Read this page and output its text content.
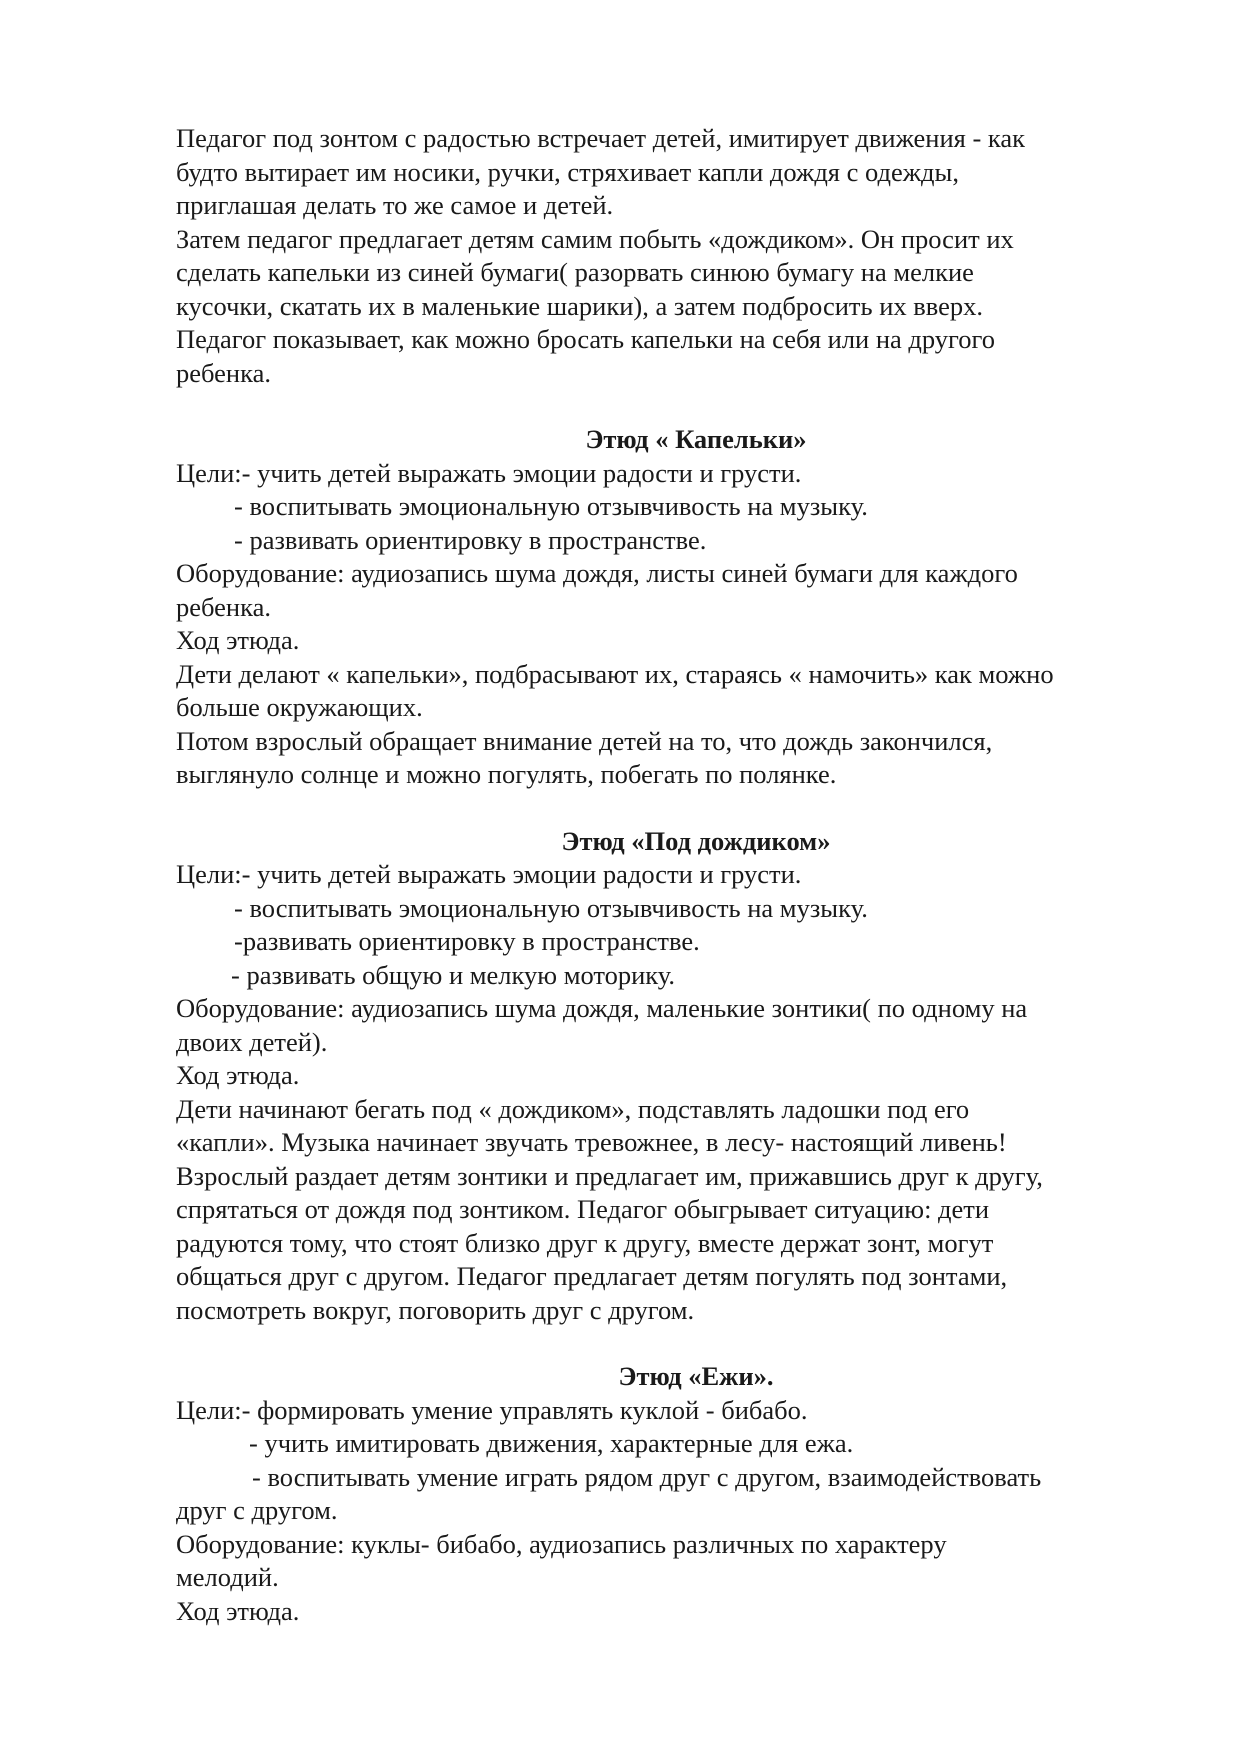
Педагог под зонтом с радостью встречает детей, имитирует движения - как
будто вытирает им носики, ручки, стряхивает капли дождя с одежды,
приглашая делать то же самое и детей.
Затем педагог предлагает детям самим побыть «дождиком». Он просит их
сделать капельки из синей бумаги( разорвать синюю бумагу на мелкие
кусочки, скатать их в маленькие шарики), а затем подбросить их вверх.
Педагог показывает, как можно бросать капельки на себя или на другого
ребенка.
Этюд « Капельки»
Цели:- учить детей выражать эмоции радости и грусти.
- воспитывать эмоциональную отзывчивость на музыку.
- развивать ориентировку в пространстве.
Оборудование: аудиозапись шума дождя, листы синей бумаги для каждого
ребенка.
Ход этюда.
Дети делают « капельки», подбрасывают их, стараясь « намочить» как можно
больше окружающих.
Потом взрослый обращает внимание детей на то, что дождь закончился,
выглянуло солнце и можно погулять, побегать по полянке.
Этюд «Под дождиком»
Цели:- учить детей выражать эмоции радости и грусти.
- воспитывать эмоциональную отзывчивость на музыку.
-развивать ориентировку в пространстве.
- развивать общую и мелкую моторику.
Оборудование: аудиозапись шума дождя, маленькие зонтики( по одному на
двоих детей).
Ход этюда.
Дети начинают бегать под « дождиком», подставлять ладошки под его
«капли». Музыка начинает звучать тревожнее, в лесу- настоящий ливень!
Взрослый раздает детям зонтики и предлагает им, прижавшись друг к другу,
спрятаться от дождя под зонтиком. Педагог обыгрывает ситуацию: дети
радуются тому, что стоят близко друг к другу, вместе держат зонт, могут
общаться друг с другом. Педагог предлагает детям погулять под зонтами,
посмотреть вокруг, поговорить друг с другом.
Этюд «Ежи».
Цели:- формировать умение управлять куклой - бибабо.
- учить имитировать движения, характерные для ежа.
- воспитывать умение играть рядом друг с другом, взаимодействовать
друг с другом.
Оборудование: куклы- бибабо, аудиозапись различных по характеру
мелодий.
Ход этюда.
